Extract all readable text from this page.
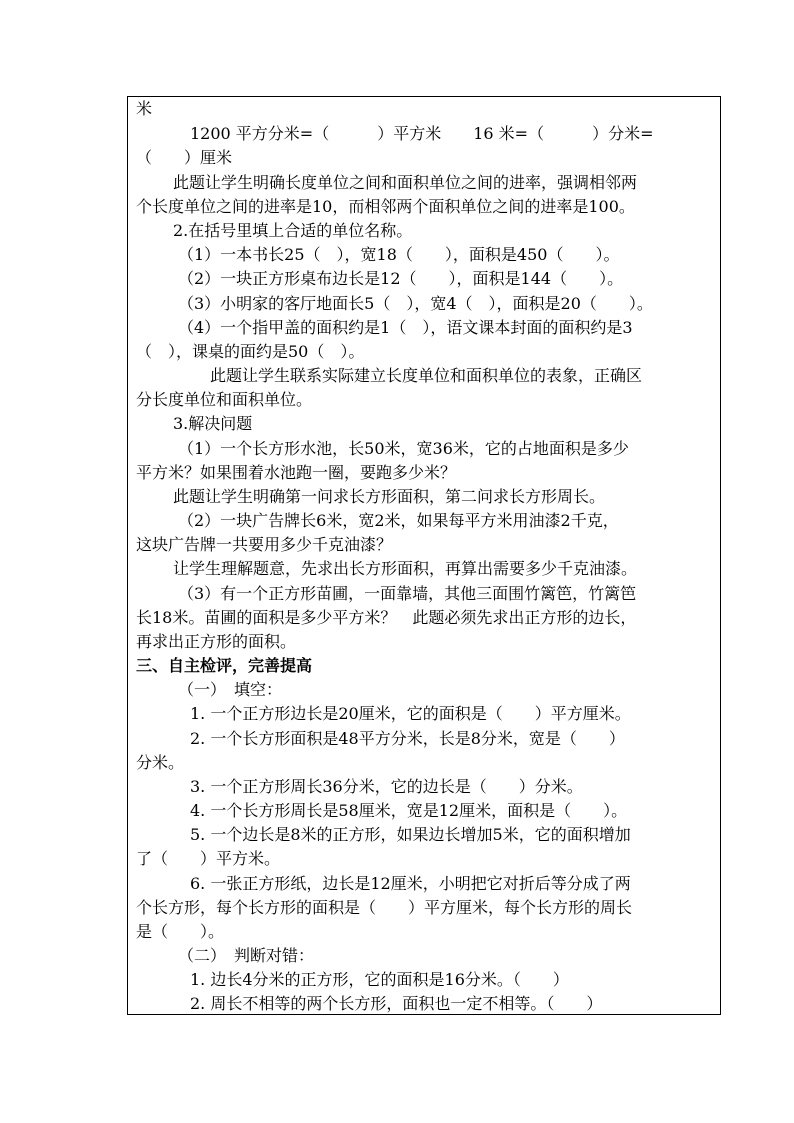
米
1200 平方分米=（　　　）平方米　　16 米=（　　　）分米=
（　　）厘米
此题让学生明确长度单位之间和面积单位之间的进率，强调相邻两
个长度单位之间的进率是10，而相邻两个面积单位之间的进率是100。
2.在括号里填上合适的单位名称。
（1）一本书长25（　），宽18（　　），面积是450（　　）。
（2）一块正方形桌布边长是12（　　），面积是144（　　）。
（3）小明家的客厅地面长5（　），宽4（　），面积是20（　　）。
（4）一个指甲盖的面积约是1（　），语文课本封面的面积约是3
（　），课桌的面约是50（　）。
此题让学生联系实际建立长度单位和面积单位的表象，正确区
分长度单位和面积单位。
3.解决问题
（1）一个长方形水池，长50米，宽36米，它的占地面积是多少
平方米？如果围着水池跑一圈，要跑多少米？
此题让学生明确第一问求长方形面积，第二问求长方形周长。
（2）一块广告牌长6米，宽2米，如果每平方米用油漆2千克，
这块广告牌一共要用多少千克油漆？
让学生理解题意，先求出长方形面积，再算出需要多少千克油漆。
（3）有一个正方形苗圃，一面靠墙，其他三面围竹篱笆，竹篱笆
长18米。苗圃的面积是多少平方米？　此题必须先求出正方形的边长，
再求出正方形的面积。
三、自主检评，完善提高
（一）　填空：
1. 一个正方形边长是20厘米，它的面积是（　　）平方厘米。
2. 一个长方形面积是48平方分米，长是8分米，宽是（　　）
分米。
3. 一个正方形周长36分米，它的边长是（　　）分米。
4. 一个长方形周长是58厘米，宽是12厘米，面积是（　　）。
5. 一个边长是8米的正方形，如果边长增加5米，它的面积增加
了（　　）平方米。
6. 一张正方形纸，边长是12厘米，小明把它对折后等分成了两
个长方形，每个长方形的面积是（　　）平方厘米，每个长方形的周长
是（　　）。
（二）　判断对错：
1. 边长4分米的正方形，它的面积是16分米。（　　）
2. 周长不相等的两个长方形，面积也一定不相等。（　　）
